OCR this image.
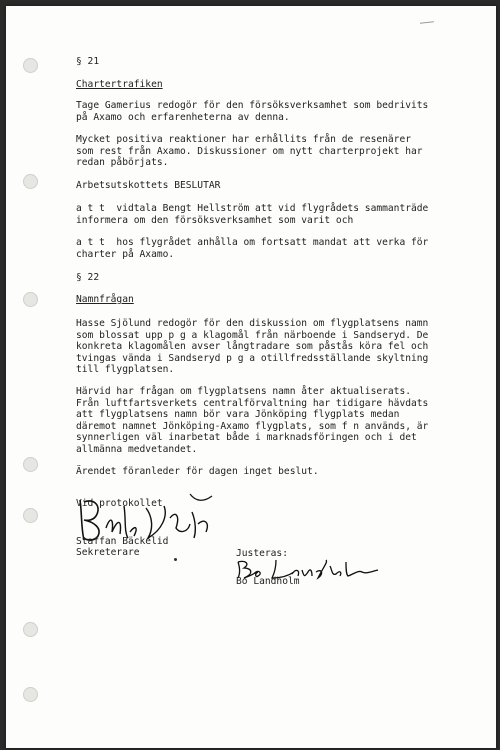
§ 21

Chartertrafiken

Tage Gamerius redogör för den försöksverksamhet som bedrivits
på Axamo och erfarenheterna av denna.

Mycket positiva reaktioner har erhållits från de resenärer
som rest från Axamo. Diskussioner om nytt charterprojekt har
redan påbörjats.

Arbetsutskottets BESLUTAR

a t t  vidtala Bengt Hellström att vid flygrådets sammanträde
informera om den försöksverksamhet som varit och

a t t  hos flygrådet anhålla om fortsatt mandat att verka för
charter på Axamo.

§ 22

Namnfrågan

Hasse Sjölund redogör för den diskussion om flygplatsens namn
som blossat upp p g a klagomål från närboende i Sandseryd. De
konkreta klagomålen avser långtradare som påstås köra fel och
tvingas vända i Sandseryd p g a otillfredsställande skyltning
till flygplatsen.

Härvid har frågan om flygplatsens namn åter aktualiserats.
Från luftfartsverkets centralförvaltning har tidigare hävdats
att flygplatsens namn bör vara Jönköping flygplats medan
däremot namnet Jönköping-Axamo flygplats, som f n används, är
synnerligen väl inarbetat både i marknadsföringen och i det
allmänna medvetandet.

Ärendet föranleder för dagen inget beslut.

Vid protokollet

Staffan Bäckelid

Sekreterare	Justeras:

Bo Landholm
